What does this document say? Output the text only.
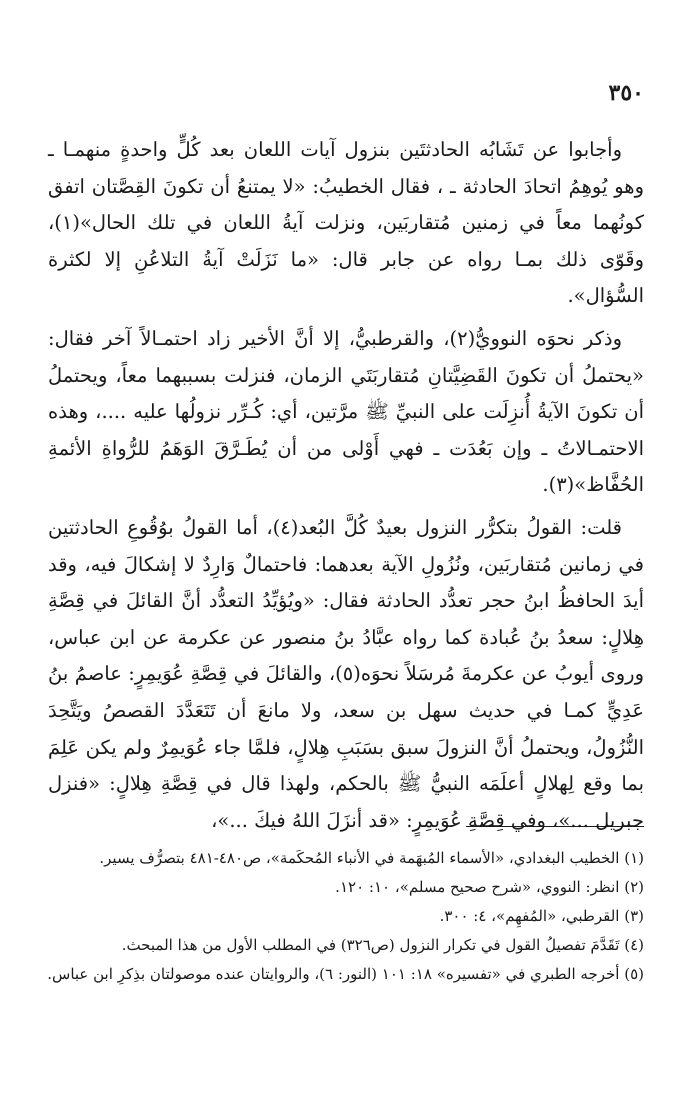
٣٥٠

وأجابوا عن تَشَابُه الحادثتَين بنزول آيات اللعان بعد كُلٍّ واحدةٍ منهمـا ـ وهو يُوهِمُ اتحادَ الحادثة ـ ، فقال الخطيبُ: «لا يمتنعُ أن تكونَ القِصَّتان اتفق كونُهما معاً في زمنين مُتقاربَين، ونزلت آيةُ اللعان في تلك الحال»(١)، وقَوّى ذلك بمـا رواه عن جابر قال: «ما نَزَلَتْ آيةُ التلاعُنِ إلا لكثرة السُّؤال».

وذكر نحوَه النوويُّ(٢)، والقرطبيُّ، إلا أنَّ الأخير زاد احتمـالاً آخر فقال: «يحتملُ أن تكونَ القَضِيَّتانِ مُتقاربَتَي الزمان، فنزلت بسببهما معاً، ويحتملُ أن تكونَ الآيةُ أُنزِلَت على النبيِّ ﷺ مرَّتين، أي: كُـرِّر نزولُها عليه ....، وهذه الاحتمـالاتُ ـ وإن بَعُدَت ـ فهي أَوْلى من أن يُطَـرَّقَ الوَهَمُ للرُّواةِ الأئمةِ الحُفَّاظ»(٣).

قلت: القولُ بتكرُّر النزول بعيدٌ كُلَّ البُعد(٤)، أما القولُ بوُقُوعِ الحادثتين في زمانين مُتقاربَين، ونُزُولِ الآية بعدهما: فاحتمالٌ وَارِدٌ لا إشكالَ فيه، وقد أيدَ الحافظُ ابنُ حجر تعدُّد الحادثة فقال: «ويُؤيِّدُ التعدُّد أنَّ القائلَ في قِصَّةِ هِلالٍ: سعدُ بنُ عُبادة كما رواه عبَّادُ بنُ منصور عن عكرمة عن ابن عباس، وروى أيوبُ عن عكرمةَ مُرسَلاً نحوَه(٥)، والقائلَ في قِصَّةِ عُوَيمِرٍ: عاصمُ بنُ عَدِيٍّ كمـا في حديث سهل بن سعد، ولا مانعَ أن تَتَعَدَّدَ القصصُ ويَتَّحِدَ النُّزُولُ، ويحتملُ أنَّ النزولَ سبق بسَبَبِ هِلالٍ، فلمَّا جاء عُوَيمِرٌ ولم يكن عَلِمَ بما وقع لِهلالٍ أعلَمَه النبيُّ ﷺ بالحكم، ولهذا قال في قِصَّةِ هِلالٍ: «فنزل جبريل ...»، وفي قِصَّةِ عُوَيمِرٍ: «قد أنزَلَ اللهُ فيكَ ...»،

(١) الخطيب البغدادي، «الأسماء المُبهَمة في الأنباء المُحكَمة»، ص٤٨٠-٤٨١ بتصرُّف يسير.
(٢) انظر: النووي، «شرح صحيح مسلم»، ١٠: ١٢٠.
(٣) القرطبي، «المُفهِم»، ٤: ٣٠٠.
(٤) تَقَدَّمَ تفصيلُ القول في تكرار النزول (ص٣٢٦) في المطلب الأول من هذا المبحث.
(٥) أخرجه الطبري في «تفسيره» ١٨: ١٠١ (النور: ٦)، والروايتان عنده موصولتان بذِكرِ ابن عباس.
